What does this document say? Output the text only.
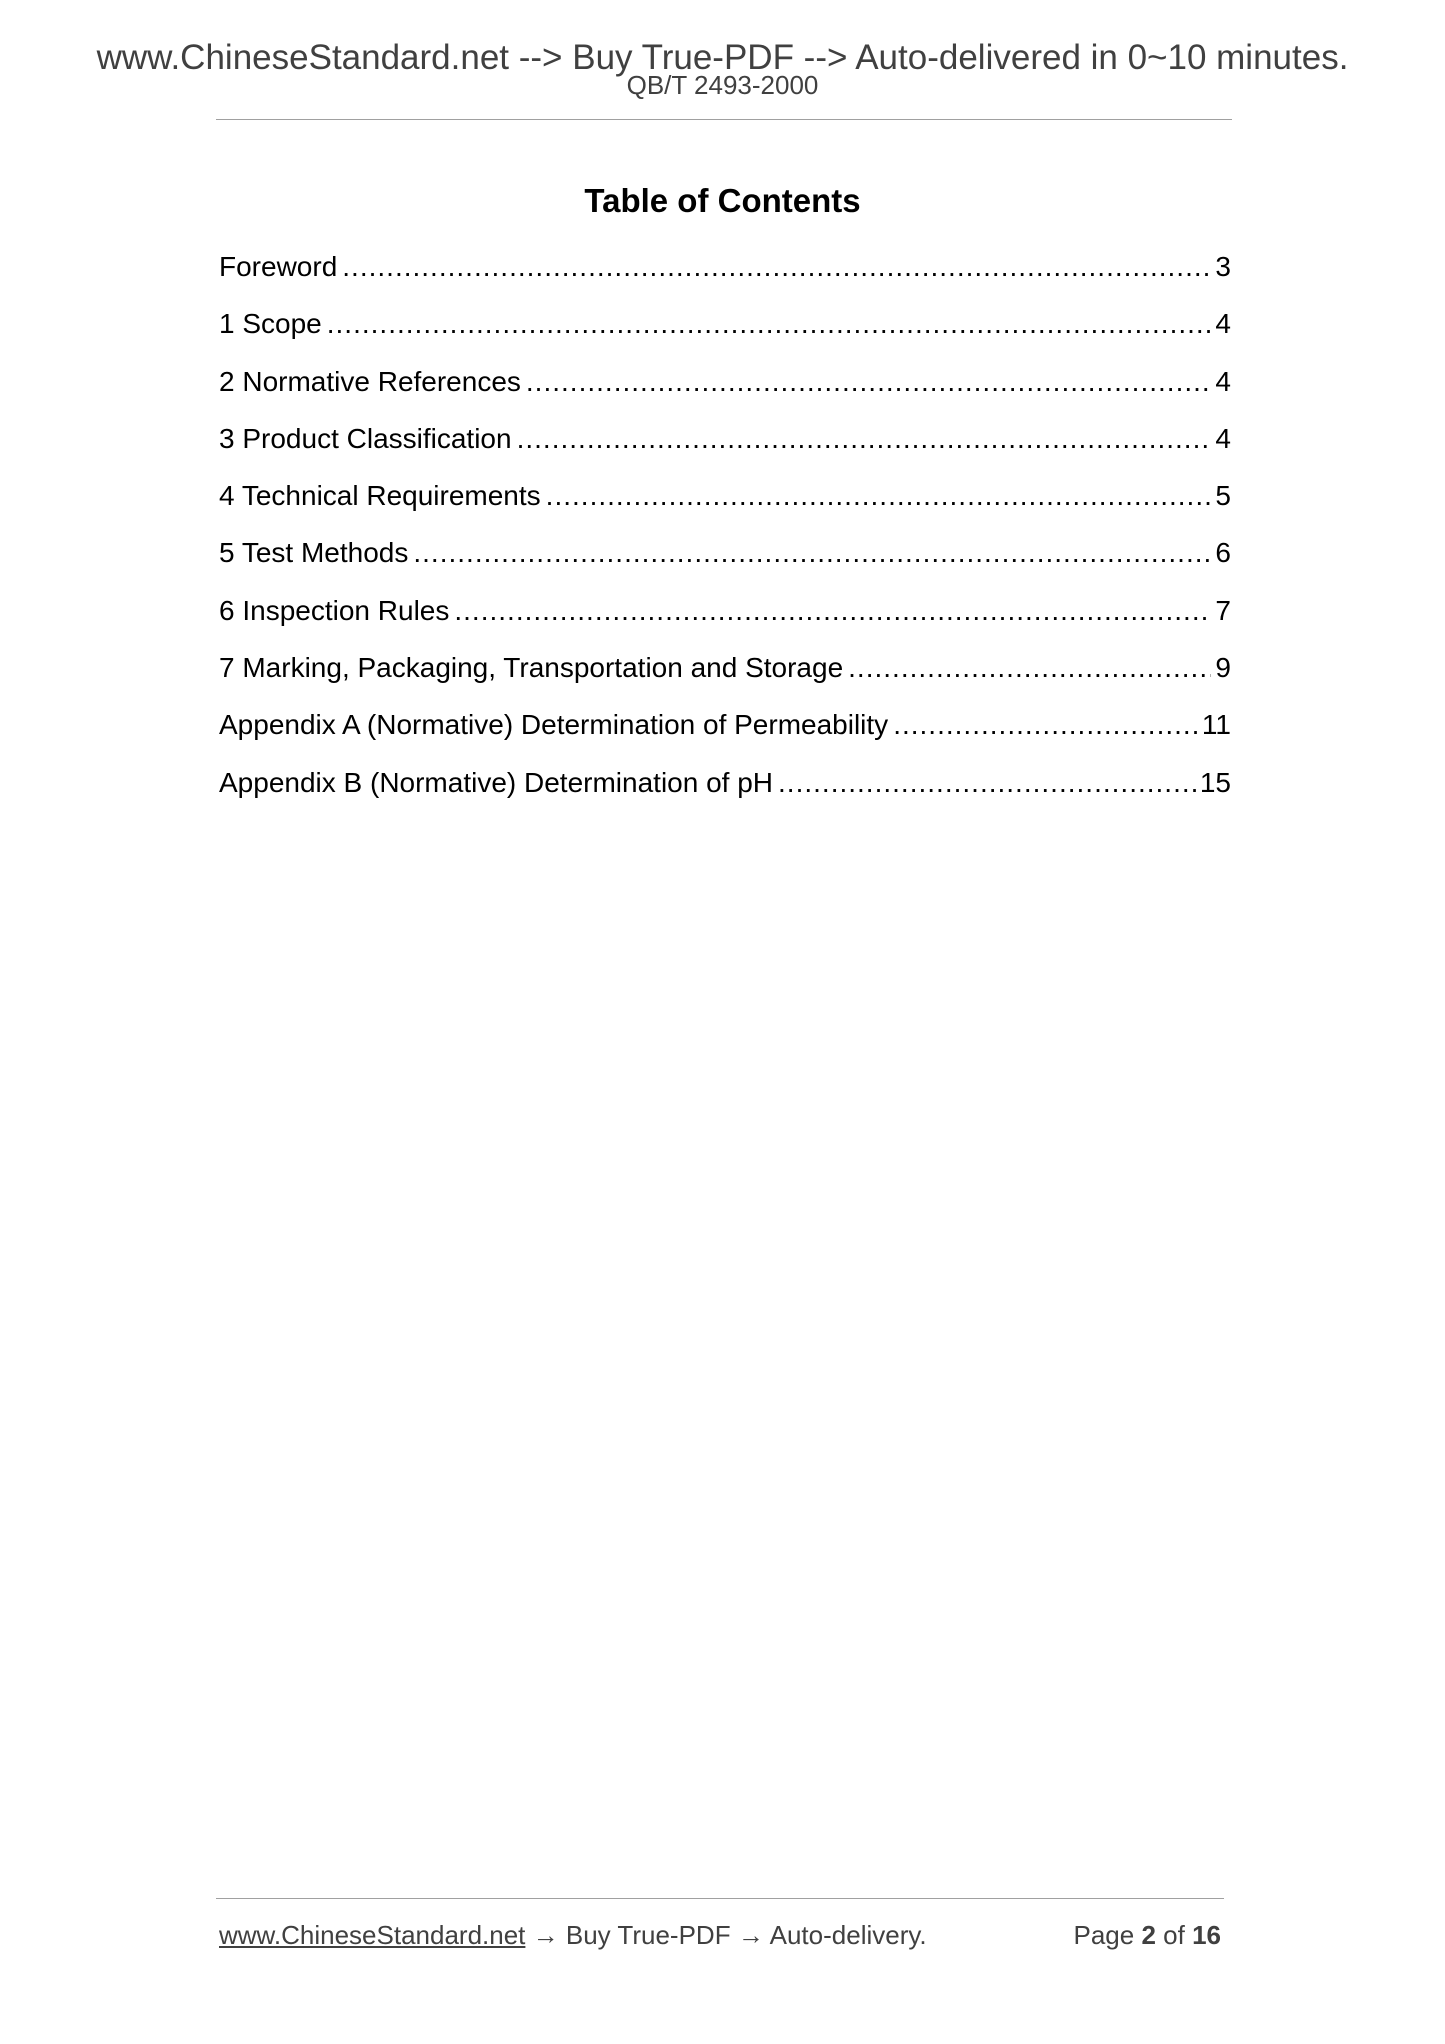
www.ChineseStandard.net --> Buy True-PDF --> Auto-delivered in 0~10 minutes.
QB/T 2493-2000
Table of Contents
Foreword .....	3
1 Scope .....	4
2 Normative References .....	4
3 Product Classification .....	4
4 Technical Requirements .....	5
5 Test Methods .....	6
6 Inspection Rules .....	7
7 Marking, Packaging, Transportation and Storage .....	9
Appendix A (Normative) Determination of Permeability .....	11
Appendix B (Normative) Determination of pH .....	15
www.ChineseStandard.net → Buy True-PDF → Auto-delivery.	Page 2 of 16
